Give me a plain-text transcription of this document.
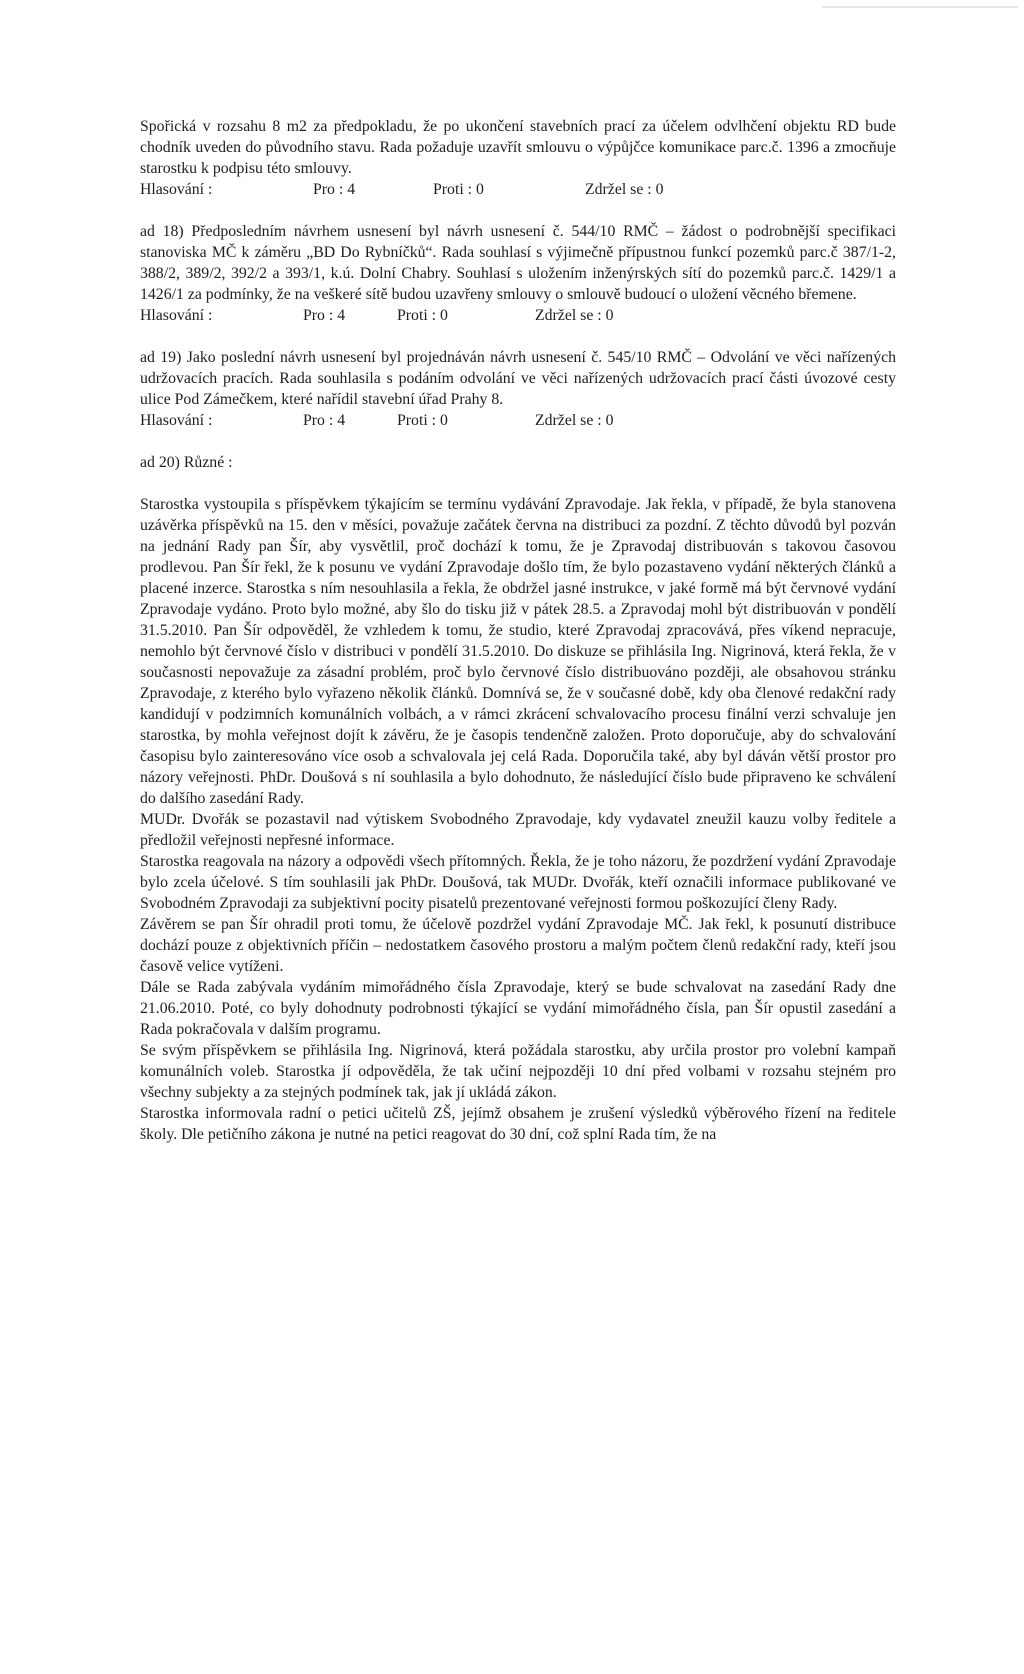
Spořická v rozsahu 8 m2 za předpokladu, že po ukončení stavebních prací za účelem odvlhčení objektu RD bude chodník uveden do původního stavu. Rada požaduje uzavřít smlouvu o výpůjčce komunikace parc.č. 1396 a zmocňuje starostku k podpisu této smlouvy.

Hlasování :	Pro : 4	Proti : 0	Zdržel se : 0

ad 18) Předposledním návrhem usnesení byl návrh usnesení č. 544/10 RMČ – žádost o podrobnější specifikaci stanoviska MČ k záměru „BD Do Rybníčků“. Rada souhlasí s výjimečně přípustnou funkcí pozemků parc.č 387/1-2, 388/2, 389/2, 392/2 a 393/1, k.ú. Dolní Chabry. Souhlasí s uložením inženýrských sítí do pozemků parc.č. 1429/1 a 1426/1 za podmínky, že na veškeré sítě budou uzavřeny smlouvy o smlouvě budoucí o uložení věcného břemene.

Hlasování :	Pro : 4	Proti : 0	Zdržel se : 0

ad 19) Jako poslední návrh usnesení byl projednáván návrh usnesení č. 545/10 RMČ – Odvolání ve věci nařízených udržovacích pracích. Rada souhlasila s podáním odvolání ve věci nařízených udržovacích prací části úvozové cesty ulice Pod Zámečkem, které nařídil stavební úřad Prahy 8.

Hlasování :	Pro : 4	Proti : 0	Zdržel se : 0

ad 20) Různé :

Starostka vystoupila s příspěvkem týkajícím se termínu vydávání Zpravodaje. Jak řekla, v případě, že byla stanovena uzávěrka příspěvků na 15. den v měsíci, považuje začátek června na distribuci za pozdní. Z těchto důvodů byl pozván na jednání Rady pan Šír, aby vysvětlil, proč dochází k tomu, že je Zpravodaj distribuován s takovou časovou prodlevou. Pan Šír řekl, že k posunu ve vydání Zpravodaje došlo tím, že bylo pozastaveno vydání některých článků a placené inzerce. Starostka s ním nesouhlasila a řekla, že obdržel jasné instrukce, v jaké formě má být červnové vydání Zpravodaje vydáno. Proto bylo možné, aby šlo do tisku již v pátek 28.5. a Zpravodaj mohl být distribuován v pondělí 31.5.2010. Pan Šír odpověděl, že vzhledem k tomu, že studio, které Zpravodaj zpracovává, přes víkend nepracuje, nemohlo být červnové číslo v distribuci v pondělí 31.5.2010. Do diskuze se přihlásila Ing. Nigrinová, která řekla, že v současnosti nepovažuje za zásadní problém, proč bylo červnové číslo distribuováno později, ale obsahovou stránku Zpravodaje, z kterého bylo vyřazeno několik článků. Domnívá se, že v současné době, kdy oba členové redakční rady kandidují v podzimních komunálních volbách, a v rámci zkrácení schvalovacího procesu finální verzi schvaluje jen starostka, by mohla veřejnost dojít k závěru, že je časopis tendenčně založen. Proto doporučuje, aby do schvalování časopisu bylo zainteresováno více osob a schvalovala jej celá Rada. Doporučila také, aby byl dáván větší prostor pro názory veřejnosti. PhDr. Doušová s ní souhlasila a bylo dohodnuto, že následující číslo bude připraveno ke schválení do dalšího zasedání Rady.

MUDr. Dvořák se pozastavil nad výtiskem Svobodného Zpravodaje, kdy vydavatel zneužil kauzu volby ředitele a předložil veřejnosti nepřesné informace.

Starostka reagovala na názory a odpovědi všech přítomných. Řekla, že je toho názoru, že pozdržení vydání Zpravodaje bylo zcela účelové. S tím souhlasili jak PhDr. Doušová, tak MUDr. Dvořák, kteří označili informace publikované ve Svobodném Zpravodaji za subjektivní pocity pisatelů prezentované veřejnosti formou poškozující členy Rady.

Závěrem se pan Šír ohradil proti tomu, že účelově pozdržel vydání Zpravodaje MČ. Jak řekl, k posunutí distribuce dochází pouze z objektivních příčin – nedostatkem časového prostoru a malým počtem členů redakční rady, kteří jsou časově velice vytíženi.

Dále se Rada zabývala vydáním mimořádného čísla Zpravodaje, který se bude schvalovat na zasedání Rady dne 21.06.2010. Poté, co byly dohodnuty podrobnosti týkající se vydání mimořádného čísla, pan Šír opustil zasedání a Rada pokračovala v dalším programu.

Se svým příspěvkem se přihlásila Ing. Nigrinová, která požádala starostku, aby určila prostor pro volební kampaň komunálních voleb. Starostka jí odpověděla, že tak učiní nejpozději 10 dní před volbami v rozsahu stejném pro všechny subjekty a za stejných podmínek tak, jak jí ukládá zákon.

Starostka informovala radní o petici učitelů ZŠ, jejímž obsahem je zrušení výsledků výběrového řízení na ředitele školy. Dle petičního zákona je nutné na petici reagovat do 30 dní, což splní Rada tím, že na
